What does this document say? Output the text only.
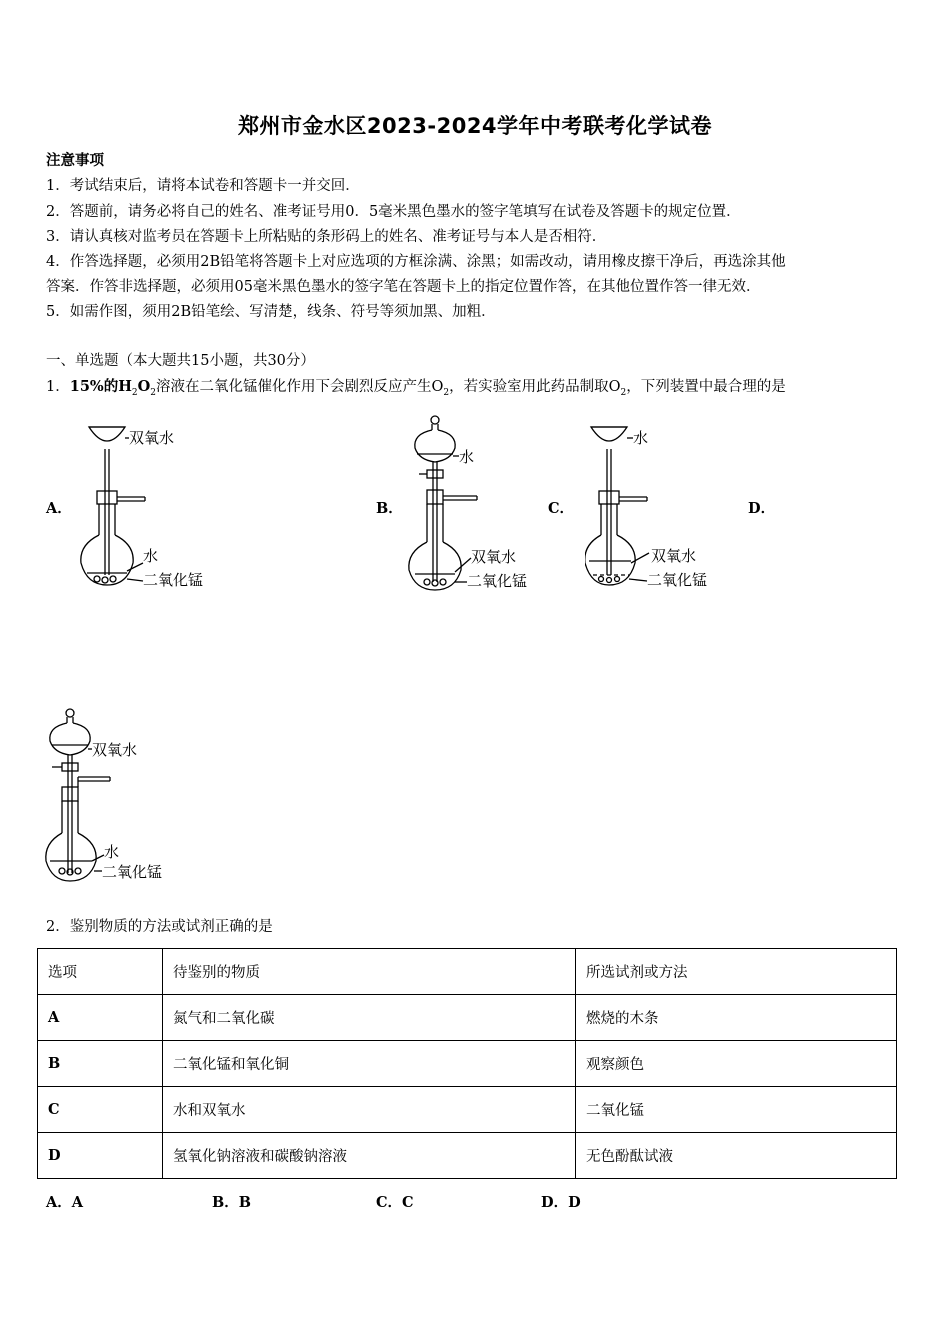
郑州市金水区2023-2024学年中考联考化学试卷
注意事项
1．考试结束后，请将本试卷和答题卡一并交回．
2．答题前，请务必将自己的姓名、准考证号用0．5毫米黑色墨水的签字笔填写在试卷及答题卡的规定位置．
3．请认真核对监考员在答题卡上所粘贴的条形码上的姓名、准考证号与本人是否相符．
4．作答选择题，必须用2B铅笔将答题卡上对应选项的方框涂满、涂黑；如需改动，请用橡皮擦干净后，再选涂其他
答案．作答非选择题，必须用05毫米黑色墨水的签字笔在答题卡上的指定位置作答，在其他位置作答一律无效．
5．如需作图，须用2B铅笔绘、写清楚，线条、符号等须加黑、加粗．
一、单选题（本大题共15小题，共30分）
1．15%的$H_2O_2$溶液在二氧化锰催化作用下会剧烈反应产生$O_2$，若实验室用此药品制取$O_2$，下列装置中最合理的是
A．	B．	C．	D．
双氧水
水
二氧化锰
水
双氧水
二氧化锰
水
双氧水
二氧化锰
双氧水
水
二氧化锰
2．鉴别物质的方法或试剂正确的是
选项	待鉴别的物质	所选试剂或方法
A	氮气和二氧化碳	燃烧的木条
B	二氧化锰和氧化铜	观察颜色
C	水和双氧水	二氧化锰
D	氢氧化钠溶液和碳酸钠溶液	无色酚酞试液
A．A	B．B	C．C	D．D
